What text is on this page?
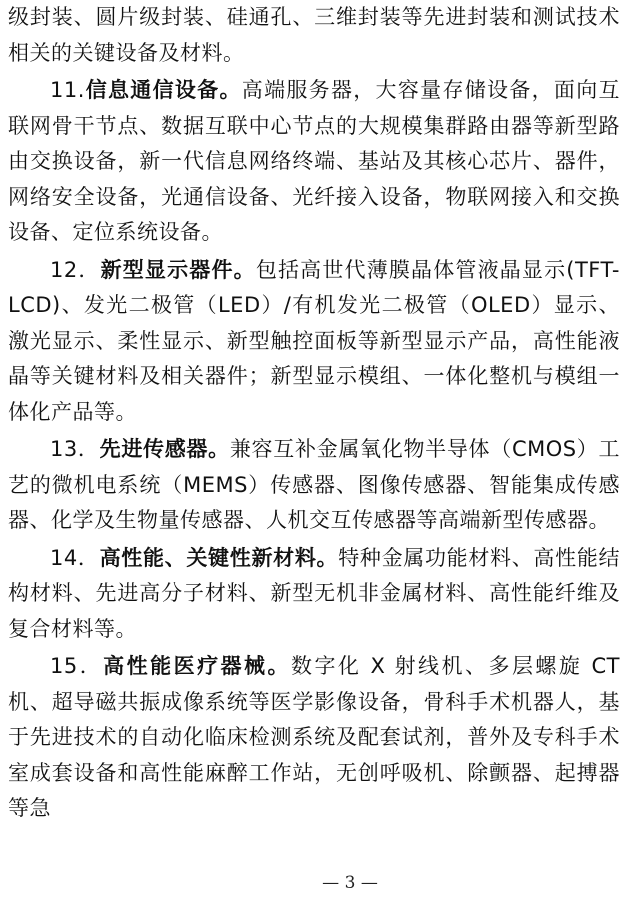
级封装、圆片级封装、硅通孔、三维封装等先进封装和测试技术相关的关键设备及材料。

11.信息通信设备。高端服务器，大容量存储设备，面向互联网骨干节点、数据互联中心节点的大规模集群路由器等新型路由交换设备，新一代信息网络终端、基站及其核心芯片、器件，网络安全设备，光通信设备、光纤接入设备，物联网接入和交换设备、定位系统设备。

12．新型显示器件。包括高世代薄膜晶体管液晶显示(TFT-LCD)、发光二极管（LED）/有机发光二极管（OLED）显示、激光显示、柔性显示、新型触控面板等新型显示产品，高性能液晶等关键材料及相关器件；新型显示模组、一体化整机与模组一体化产品等。

13．先进传感器。兼容互补金属氧化物半导体（CMOS）工艺的微机电系统（MEMS）传感器、图像传感器、智能集成传感器、化学及生物量传感器、人机交互传感器等高端新型传感器。

14．高性能、关键性新材料。特种金属功能材料、高性能结构材料、先进高分子材料、新型无机非金属材料、高性能纤维及复合材料等。

15．高性能医疗器械。数字化 X 射线机、多层螺旋 CT 机、超导磁共振成像系统等医学影像设备，骨科手术机器人，基于先进技术的自动化临床检测系统及配套试剂，普外及专科手术室成套设备和高性能麻醉工作站，无创呼吸机、除颤器、起搏器等急

— 3 —
